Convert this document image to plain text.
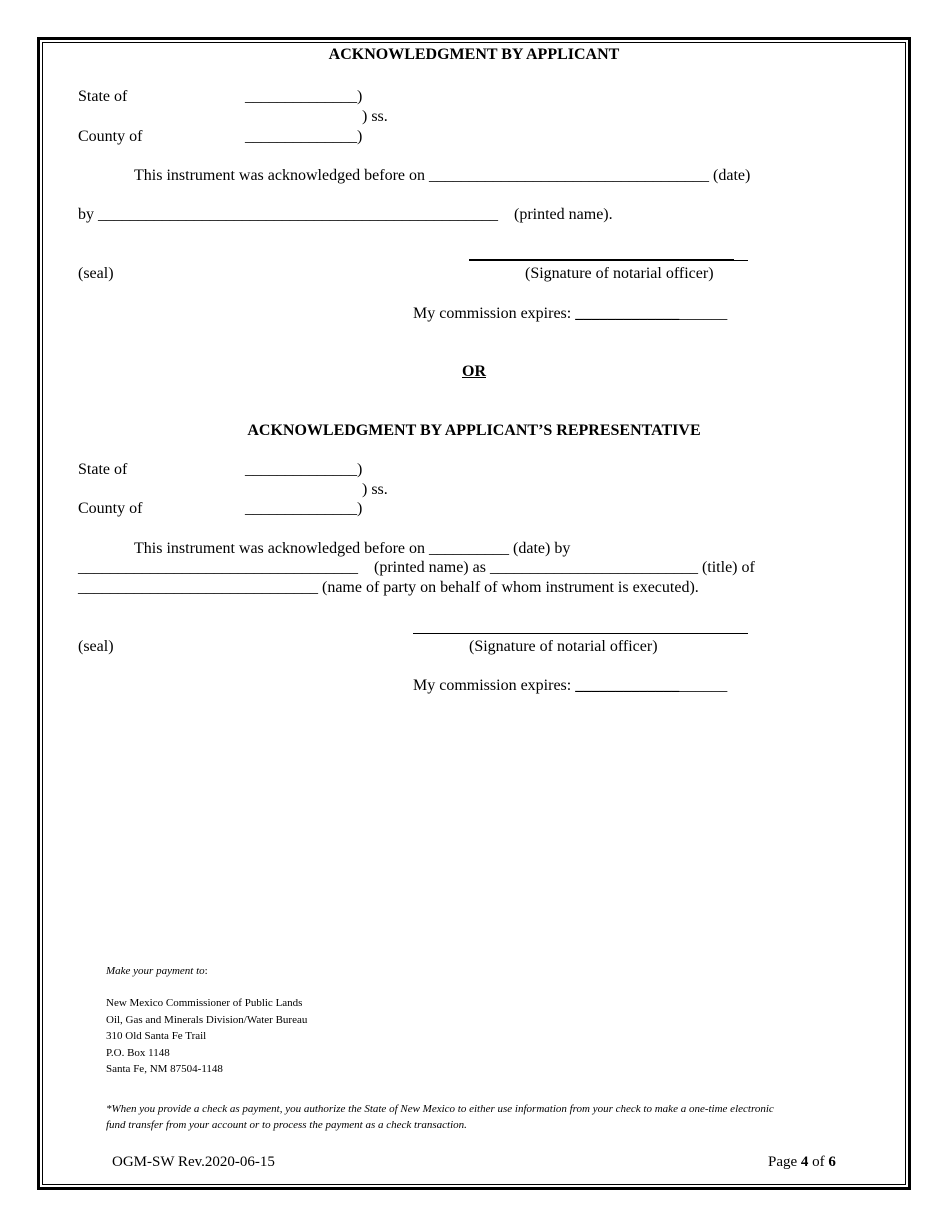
ACKNOWLEDGMENT BY APPLICANT
State of	______________)
) ss.
County of	______________)
This instrument was acknowledged before on ___________________________________ (date)
by __________________________________________________    (printed name).
(seal)	(Signature of notarial officer)
My commission expires: ___________________
OR
ACKNOWLEDGMENT BY APPLICANT’S REPRESENTATIVE
State of	______________)
) ss.
County of	______________)
This instrument was acknowledged before on __________ (date) by
___________________________________    (printed name) as __________________________ (title) of
______________________________ (name of party on behalf of whom instrument is executed).
(seal)	(Signature of notarial officer)
My commission expires: ___________________
Make your payment to:
New Mexico Commissioner of Public Lands
Oil, Gas and Minerals Division/Water Bureau
310 Old Santa Fe Trail
P.O. Box 1148
Santa Fe, NM 87504-1148
*When you provide a check as payment, you authorize the State of New Mexico to either use information from your check to make a one-time electronic
fund transfer from your account or to process the payment as a check transaction.
OGM-SW Rev.2020-06-15	Page 4 of 6
